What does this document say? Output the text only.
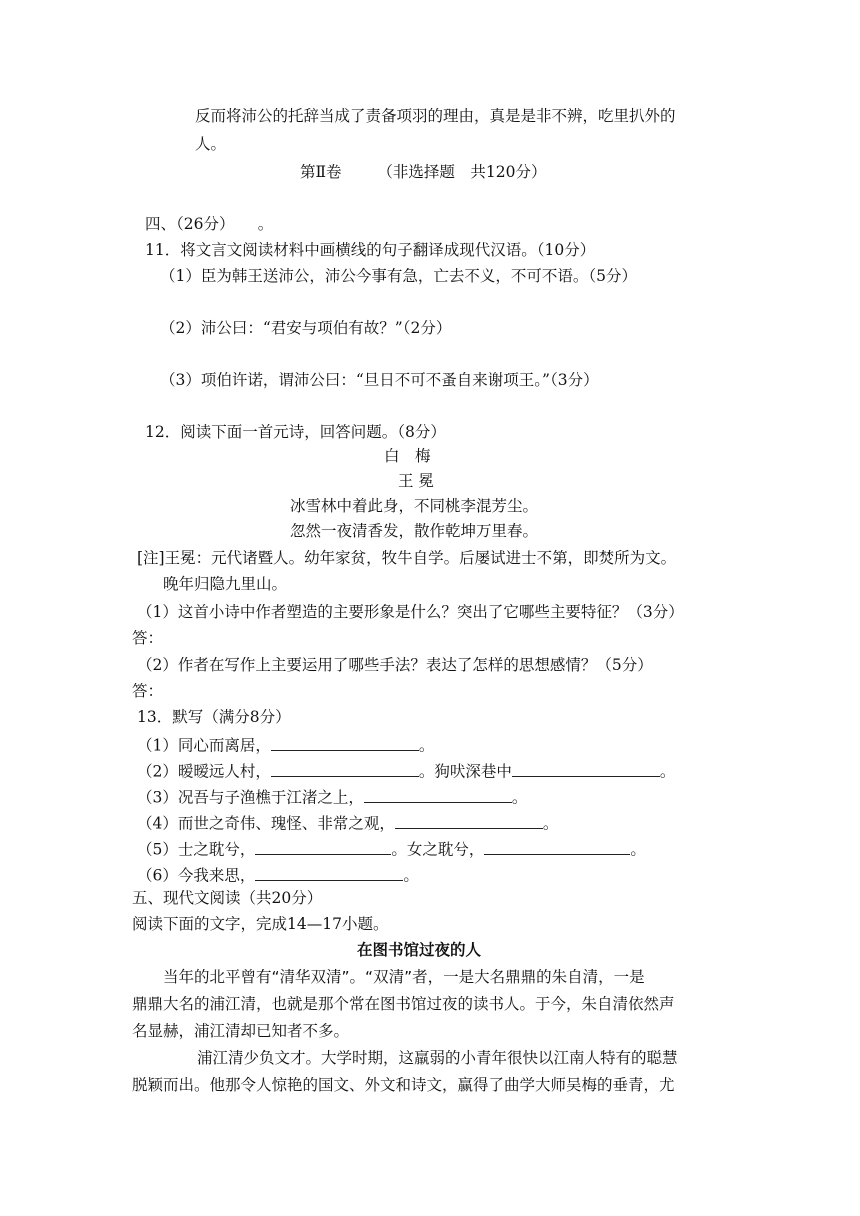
反而将沛公的托辞当成了责备项羽的理由，真是是非不辨，吃里扒外的
人。
第Ⅱ卷 （非选择题　共120分）
四、（26分）　　。
11．将文言文阅读材料中画横线的句子翻译成现代汉语。（10分）
（1）臣为韩王送沛公，沛公今事有急，亡去不义，不可不语。（5分）
（2）沛公曰：“君安与项伯有故？”（2分）
（3）项伯许诺，谓沛公曰：“旦日不可不蚤自来谢项王。”（3分）
12．阅读下面一首元诗，回答问题。（8分）
白　梅
王 冕
冰雪林中着此身，不同桃李混芳尘。
忽然一夜清香发，散作乾坤万里春。
[注]王冕：元代诸暨人。幼年家贫，牧牛自学。后屡试进士不第，即焚所为文。
晚年归隐九里山。
（1）这首小诗中作者塑造的主要形象是什么？突出了它哪些主要特征？（3分）
答：
（2）作者在写作上主要运用了哪些手法？表达了怎样的思想感情？（5分）
答：
13．默写（满分8分）
（1）同心而离居，	。
（2）暧暧远人村，	。狗吠深巷中	。
（3）况吾与子渔樵于江渚之上，	。
（4）而世之奇伟、瑰怪、非常之观，	。
（5）士之耽兮，	。女之耽兮，	。
（6）今我来思，	。
五、现代文阅读（共20分）
阅读下面的文字，完成14—17小题。
在图书馆过夜的人
当年的北平曾有“清华双清”。“双清”者，一是大名鼎鼎的朱自清，一是
鼎鼎大名的浦江清，也就是那个常在图书馆过夜的读书人。于今，朱自清依然声
名显赫，浦江清却已知者不多。
浦江清少负文才。大学时期，这羸弱的小青年很快以江南人特有的聪慧
脱颖而出。他那令人惊艳的国文、外文和诗文，赢得了曲学大师吴梅的垂青，尤
